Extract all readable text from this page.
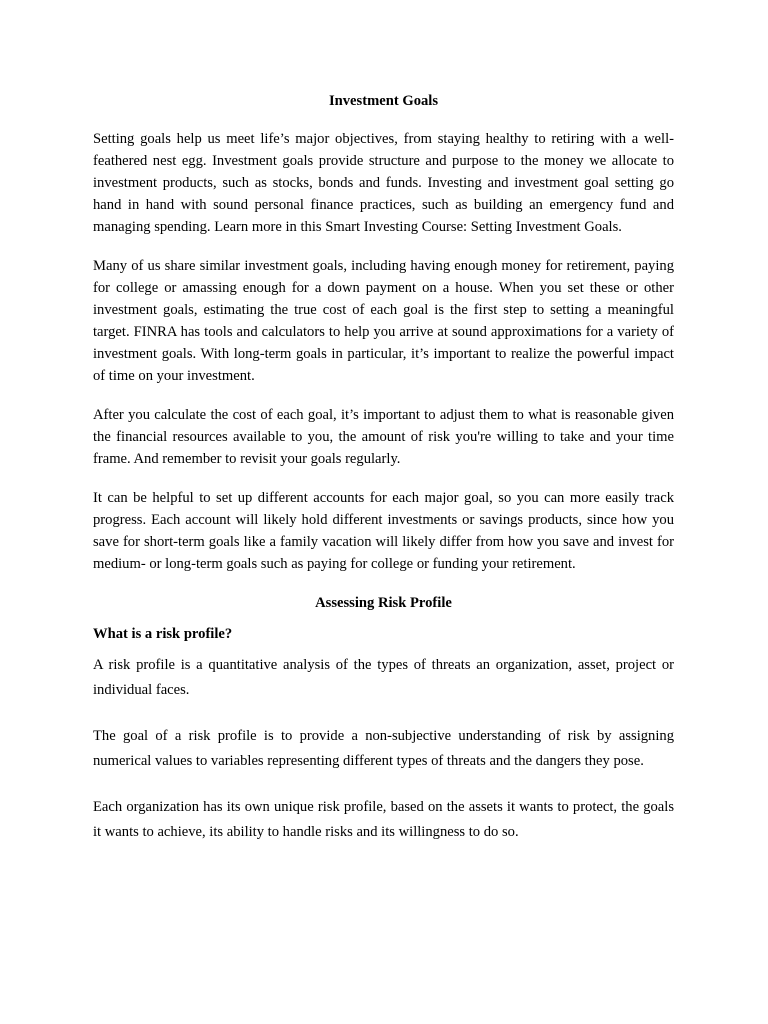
Investment Goals

Setting goals help us meet life’s major objectives, from staying healthy to retiring with a well-feathered nest egg. Investment goals provide structure and purpose to the money we allocate to investment products, such as stocks, bonds and funds. Investing and investment goal setting go hand in hand with sound personal finance practices, such as building an emergency fund and managing spending. Learn more in this Smart Investing Course: Setting Investment Goals.

Many of us share similar investment goals, including having enough money for retirement, paying for college or amassing enough for a down payment on a house. When you set these or other investment goals, estimating the true cost of each goal is the first step to setting a meaningful target. FINRA has tools and calculators to help you arrive at sound approximations for a variety of investment goals. With long-term goals in particular, it’s important to realize the powerful impact of time on your investment.

After you calculate the cost of each goal, it’s important to adjust them to what is reasonable given the financial resources available to you, the amount of risk you're willing to take and your time frame. And remember to revisit your goals regularly.

It can be helpful to set up different accounts for each major goal, so you can more easily track progress. Each account will likely hold different investments or savings products, since how you save for short-term goals like a family vacation will likely differ from how you save and invest for medium- or long-term goals such as paying for college or funding your retirement.

Assessing Risk Profile

What is a risk profile?

A risk profile is a quantitative analysis of the types of threats an organization, asset, project or individual faces.

The goal of a risk profile is to provide a non-subjective understanding of risk by assigning numerical values to variables representing different types of threats and the dangers they pose.

Each organization has its own unique risk profile, based on the assets it wants to protect, the goals it wants to achieve, its ability to handle risks and its willingness to do so.
